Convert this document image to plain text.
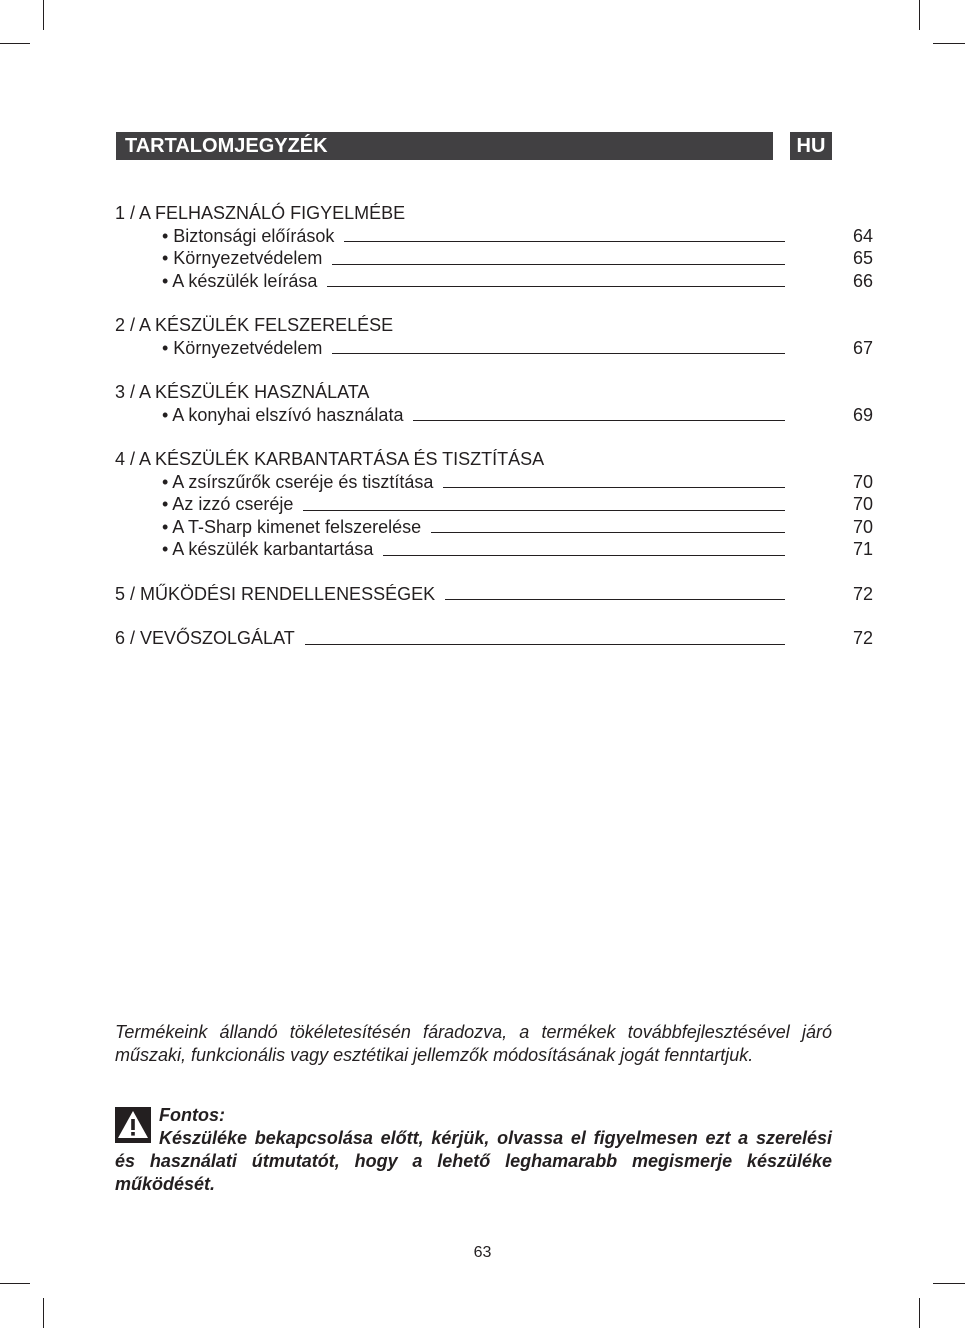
TARTALOMJEGYZÉK	HU
1 / A FELHASZNÁLÓ FIGYELMÉBE
• Biztonsági előírások	64
• Környezetvédelem	65
• A készülék leírása	66
2 / A KÉSZÜLÉK FELSZERELÉSE
• Környezetvédelem	67
3 / A KÉSZÜLÉK HASZNÁLATA
• A konyhai elszívó használata	69
4 / A KÉSZÜLÉK KARBANTARTÁSA ÉS TISZTÍTÁSA
• A zsírszűrők cseréje és tisztítása	70
• Az izzó cseréje	70
• A T-Sharp kimenet felszerelése	70
• A készülék karbantartása	71
5 / MŰKÖDÉSI RENDELLENESSÉGEK	72
6 / VEVŐSZOLGÁLAT	72
Termékeink állandó tökéletesítésén fáradozva, a termékek továbbfejlesztésével járó műszaki, funkcionális vagy esztétikai jellemzők módosításának jogát fenntartjuk.
Fontos:
Készüléke bekapcsolása előtt, kérjük, olvassa el figyelmesen ezt a szerelési és használati útmutatót, hogy a lehető leghamarabb megismerje készüléke működését.
63
